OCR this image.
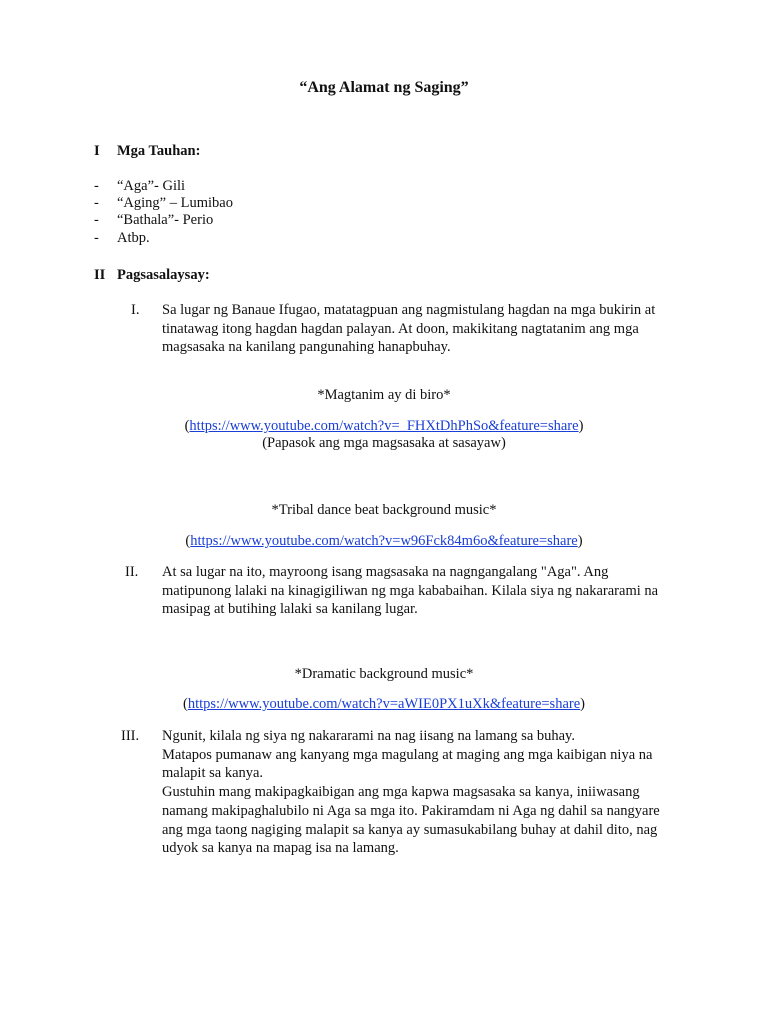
“Ang Alamat ng Saging”
I Mga Tauhan:
- “Aga”- Gili
- “Aging” – Lumibao
- “Bathala”- Perio
- Atbp.
II Pagsasalaysay:
I. Sa lugar ng Banaue Ifugao, matatagpuan ang nagmistulang hagdan na mga bukirin at
tinatawag itong hagdan hagdan palayan. At doon, makikitang nagtatanim ang mga
magsasaka na kanilang pangunahing hanapbuhay.
*Magtanim ay di biro*
(https://www.youtube.com/watch?v=_FHXtDhPhSo&feature=share)
(Papasok ang mga magsasaka at sasayaw)
*Tribal dance beat background music*
(https://www.youtube.com/watch?v=w96Fck84m6o&feature=share)
II. At sa lugar na ito, mayroong isang magsasaka na nagngangalang "Aga". Ang
matipunong lalaki na kinagigiliwan ng mga kababaihan. Kilala siya ng nakararami na
masipag at butihing lalaki sa kanilang lugar.
*Dramatic background music*
(https://www.youtube.com/watch?v=aWIE0PX1uXk&feature=share)
III. Ngunit, kilala ng siya ng nakararami na nag iisang na lamang sa buhay.
Matapos pumanaw ang kanyang mga magulang at maging ang mga kaibigan niya na
malapit sa kanya.
Gustuhin mang makipagkaibigan ang mga kapwa magsasaka sa kanya, iniiwasang
namang makipaghalubilo ni Aga sa mga ito. Pakiramdam ni Aga ng dahil sa nangyare
ang mga taong nagiging malapit sa kanya ay sumasukabilang buhay at dahil dito, nag
udyok sa kanya na mapag isa na lamang.
